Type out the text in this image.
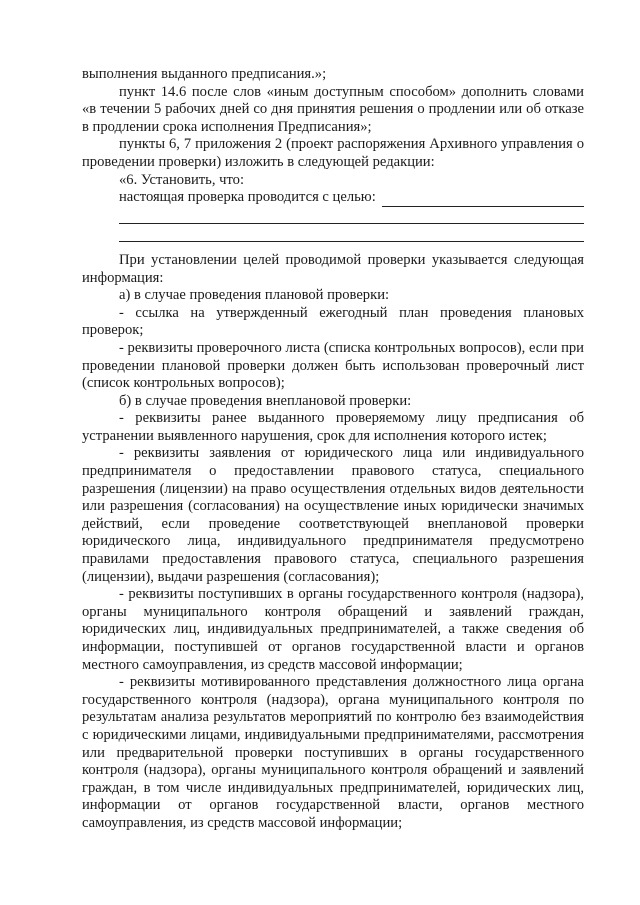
выполнения выданного предписания.»;

пункт 14.6 после слов «иным доступным способом» дополнить словами «в течении 5 рабочих дней со дня принятия решения о продлении или об отказе в продлении срока исполнения Предписания»;

пункты 6, 7 приложения 2 (проект распоряжения Архивного управления о проведении проверки) изложить в следующей редакции:

«6. Установить, что:

настоящая проверка проводится с целью:

При установлении целей проводимой проверки указывается следующая информация:

а) в случае проведения плановой проверки:

- ссылка на утвержденный ежегодный план проведения плановых проверок;

- реквизиты проверочного листа (списка контрольных вопросов), если при проведении плановой проверки должен быть использован проверочный лист (список контрольных вопросов);

б) в случае проведения внеплановой проверки:

- реквизиты ранее выданного проверяемому лицу предписания об устранении выявленного нарушения, срок для исполнения которого истек;

- реквизиты заявления от юридического лица или индивидуального предпринимателя о предоставлении правового статуса, специального разрешения (лицензии) на право осуществления отдельных видов деятельности или разрешения (согласования) на осуществление иных юридически значимых действий, если проведение соответствующей внеплановой проверки юридического лица, индивидуального предпринимателя предусмотрено правилами предоставления правового статуса, специального разрешения (лицензии), выдачи разрешения (согласования);

- реквизиты поступивших в органы государственного контроля (надзора), органы муниципального контроля обращений и заявлений граждан, юридических лиц, индивидуальных предпринимателей, а также сведения об информации, поступившей от органов государственной власти и органов местного самоуправления, из средств массовой информации;

- реквизиты мотивированного представления должностного лица органа государственного контроля (надзора), органа муниципального контроля по результатам анализа результатов мероприятий по контролю без взаимодействия с юридическими лицами, индивидуальными предпринимателями, рассмотрения или предварительной проверки поступивших в органы государственного контроля (надзора), органы муниципального контроля обращений и заявлений граждан, в том числе индивидуальных предпринимателей, юридических лиц, информации от органов государственной власти, органов местного самоуправления, из средств массовой информации;
